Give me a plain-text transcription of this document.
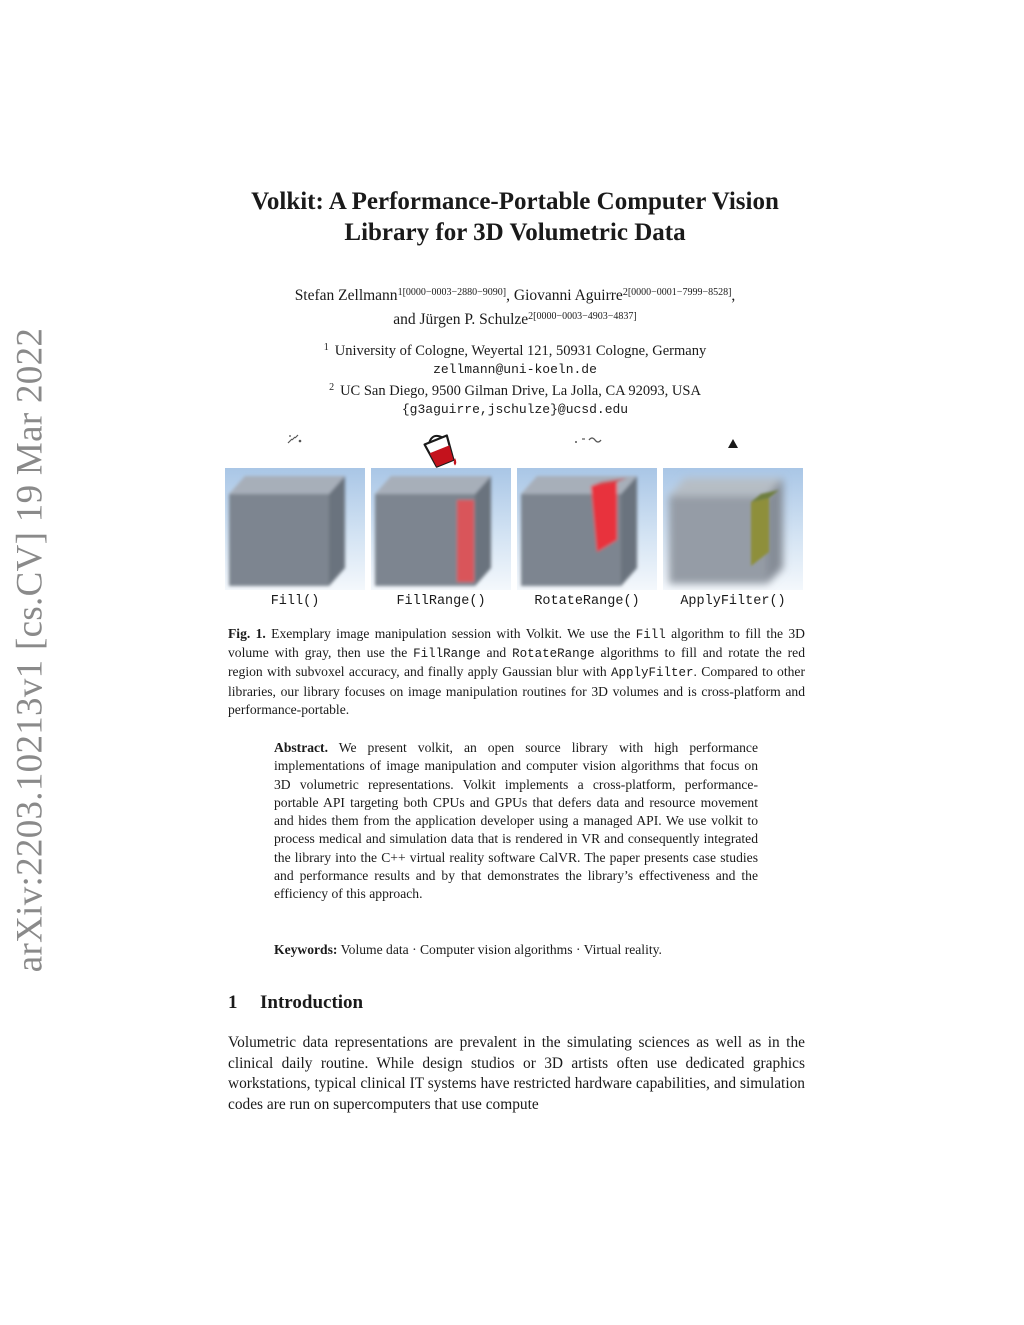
arXiv:2203.10213v1 [cs.CV] 19 Mar 2022
Volkit: A Performance-Portable Computer Vision
Library for 3D Volumetric Data
Stefan Zellmann$^{1[0000-0003-2880-9090]}$, Giovanni Aguirre$^{2[0000-0001-7999-8528]}$,
and Jürgen P. Schulze$^{2[0000-0003-4903-4837]}$
$^1$ University of Cologne, Weyertal 121, 50931 Cologne, Germany
zellmann@uni-koeln.de
$^2$ UC San Diego, 9500 Gilman Drive, La Jolla, CA 92093, USA
{g3aguirre,jschulze}@ucsd.edu
Fill()	FillRange()	RotateRange()	ApplyFilter()
Fig. 1. Exemplary image manipulation session with Volkit. We use the Fill algorithm to fill the 3D volume with gray, then use the FillRange and RotateRange algorithms to fill and rotate the red region with subvoxel accuracy, and finally apply Gaussian blur with ApplyFilter. Compared to other libraries, our library focuses on image manipulation routines for 3D volumes and is cross-platform and performance-portable.
Abstract. We present volkit, an open source library with high performance implementations of image manipulation and computer vision algorithms that focus on 3D volumetric representations. Volkit implements a cross-platform, performance-portable API targeting both CPUs and GPUs that defers data and resource movement and hides them from the application developer using a managed API. We use volkit to process medical and simulation data that is rendered in VR and consequently integrated the library into the C++ virtual reality software CalVR. The paper presents case studies and performance results and by that demonstrates the library’s effectiveness and the efficiency of this approach.
Keywords: Volume data · Computer vision algorithms · Virtual reality.
1 Introduction
Volumetric data representations are prevalent in the simulating sciences as well as in the clinical daily routine. While design studios or 3D artists often use dedicated graphics workstations, typical clinical IT systems have restricted hardware capabilities, and simulation codes are run on supercomputers that use compute
